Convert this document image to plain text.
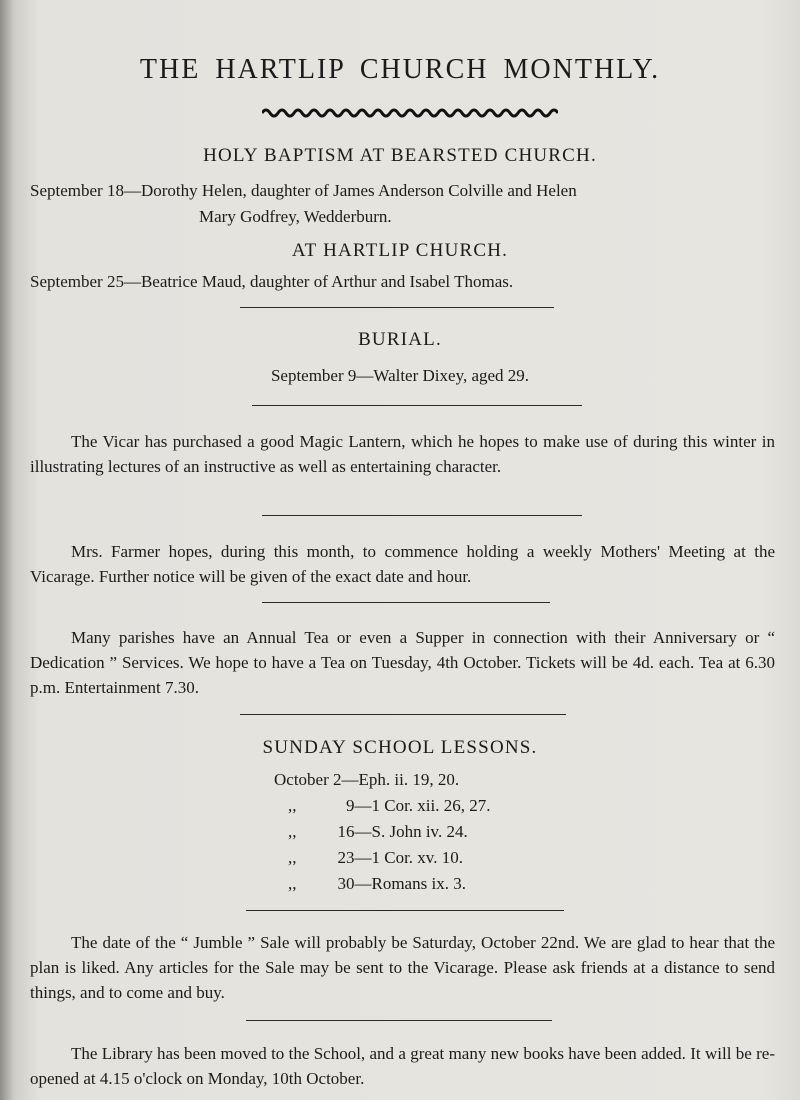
THE HARTLIP CHURCH MONTHLY.
HOLY BAPTISM AT BEARSTED CHURCH.
September 18—Dorothy Helen, daughter of James Anderson Colville and Helen
Mary Godfrey, Wedderburn.
AT HARTLIP CHURCH.
September 25—Beatrice Maud, daughter of Arthur and Isabel Thomas.
BURIAL.
September 9—Walter Dixey, aged 29.
The Vicar has purchased a good Magic Lantern, which he hopes to make use of during this winter in illustrating lectures of an instructive as well as entertaining character.
Mrs. Farmer hopes, during this month, to commence holding a weekly Mothers' Meeting at the Vicarage. Further notice will be given of the exact date and hour.
Many parishes have an Annual Tea or even a Supper in connection with their Anniversary or “ Dedication ” Services. We hope to have a Tea on Tuesday, 4th October. Tickets will be 4d. each. Tea at 6.30 p.m. Entertainment 7.30.
SUNDAY SCHOOL LESSONS.
October 2—Eph. ii. 19, 20.
,,	9—1 Cor. xii. 26, 27.
,, 16—S. John iv. 24.
,, 23—1 Cor. xv. 10.
,, 30—Romans ix. 3.
The date of the “ Jumble ” Sale will probably be Saturday, October 22nd. We are glad to hear that the plan is liked. Any articles for the Sale may be sent to the Vicarage. Please ask friends at a distance to send things, and to come and buy.
The Library has been moved to the School, and a great many new books have been added. It will be re-opened at 4.15 o'clock on Monday, 10th October.
